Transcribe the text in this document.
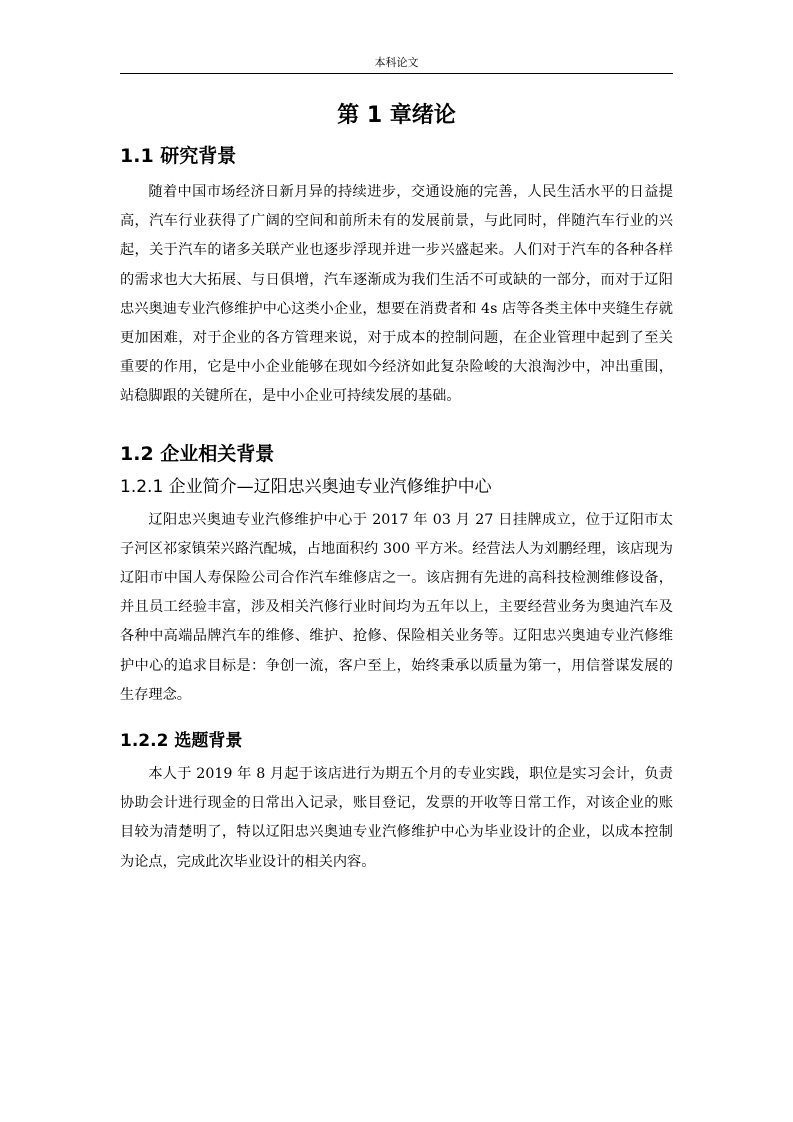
本科论文
第 1 章绪论
1.1 研究背景

随着中国市场经济日新月异的持续进步，交通设施的完善，人民生活水平的日益提高，汽车行业获得了广阔的空间和前所未有的发展前景，与此同时，伴随汽车行业的兴起，关于汽车的诸多关联产业也逐步浮现并进一步兴盛起来。人们对于汽车的各种各样的需求也大大拓展、与日俱增，汽车逐渐成为我们生活不可或缺的一部分，而对于辽阳忠兴奥迪专业汽修维护中心这类小企业，想要在消费者和 4s 店等各类主体中夹缝生存就更加困难，对于企业的各方管理来说，对于成本的控制问题，在企业管理中起到了至关重要的作用，它是中小企业能够在现如今经济如此复杂险峻的大浪淘沙中，冲出重围，站稳脚跟的关键所在，是中小企业可持续发展的基础。

1.2 企业相关背景
1.2.1 企业简介—辽阳忠兴奥迪专业汽修维护中心

辽阳忠兴奥迪专业汽修维护中心于 2017 年 03 月 27 日挂牌成立，位于辽阳市太子河区祁家镇荣兴路汽配城，占地面积约 300 平方米。经营法人为刘鹏经理，该店现为辽阳市中国人寿保险公司合作汽车维修店之一。该店拥有先进的高科技检测维修设备，并且员工经验丰富，涉及相关汽修行业时间均为五年以上，主要经营业务为奥迪汽车及各种中高端品牌汽车的维修、维护、抢修、保险相关业务等。辽阳忠兴奥迪专业汽修维护中心的追求目标是：争创一流，客户至上，始终秉承以质量为第一，用信誉谋发展的生存理念。

1.2.2 选题背景

本人于 2019 年 8 月起于该店进行为期五个月的专业实践，职位是实习会计，负责协助会计进行现金的日常出入记录，账目登记，发票的开收等日常工作，对该企业的账目较为清楚明了，特以辽阳忠兴奥迪专业汽修维护中心为毕业设计的企业，以成本控制为论点，完成此次毕业设计的相关内容。
